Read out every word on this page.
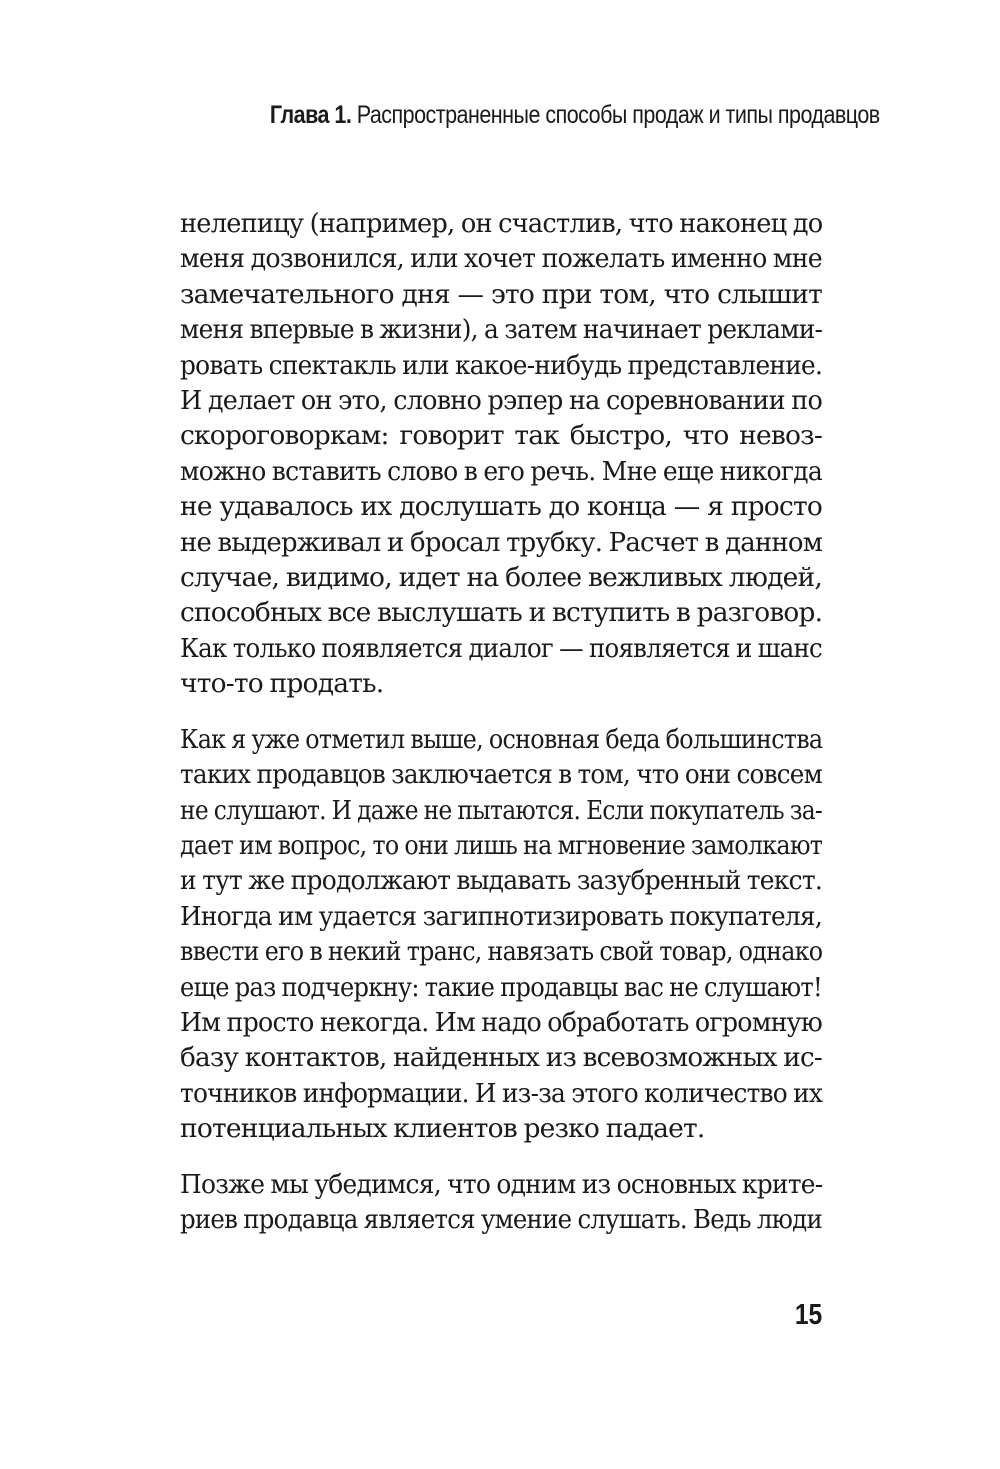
Глава 1. Распространенные способы продаж и типы продавцов
нелепицу (например, он счастлив, что наконец до
меня дозвонился, или хочет пожелать именно мне
замечательного дня — это при том, что слышит
меня впервые в жизни), а затем начинает реклами-
ровать спектакль или какое-нибудь представление.
И делает он это, словно рэпер на соревновании по
скороговоркам: говорит так быстро, что невоз-
можно вставить слово в его речь. Мне еще никогда
не удавалось их дослушать до конца — я просто
не выдерживал и бросал трубку. Расчет в данном
случае, видимо, идет на более вежливых людей,
способных все выслушать и вступить в разговор.
Как только появляется диалог — появляется и шанс
что-то продать.
Как я уже отметил выше, основная беда большинства
таких продавцов заключается в том, что они совсем
не слушают. И даже не пытаются. Если покупатель за-
дает им вопрос, то они лишь на мгновение замолкают
и тут же продолжают выдавать зазубренный текст.
Иногда им удается загипнотизировать покупателя,
ввести его в некий транс, навязать свой товар, однако
еще раз подчеркну: такие продавцы вас не слушают!
Им просто некогда. Им надо обработать огромную
базу контактов, найденных из всевозможных ис-
точников информации. И из-за этого количество их
потенциальных клиентов резко падает.
Позже мы убедимся, что одним из основных крите-
риев продавца является умение слушать. Ведь люди
15
